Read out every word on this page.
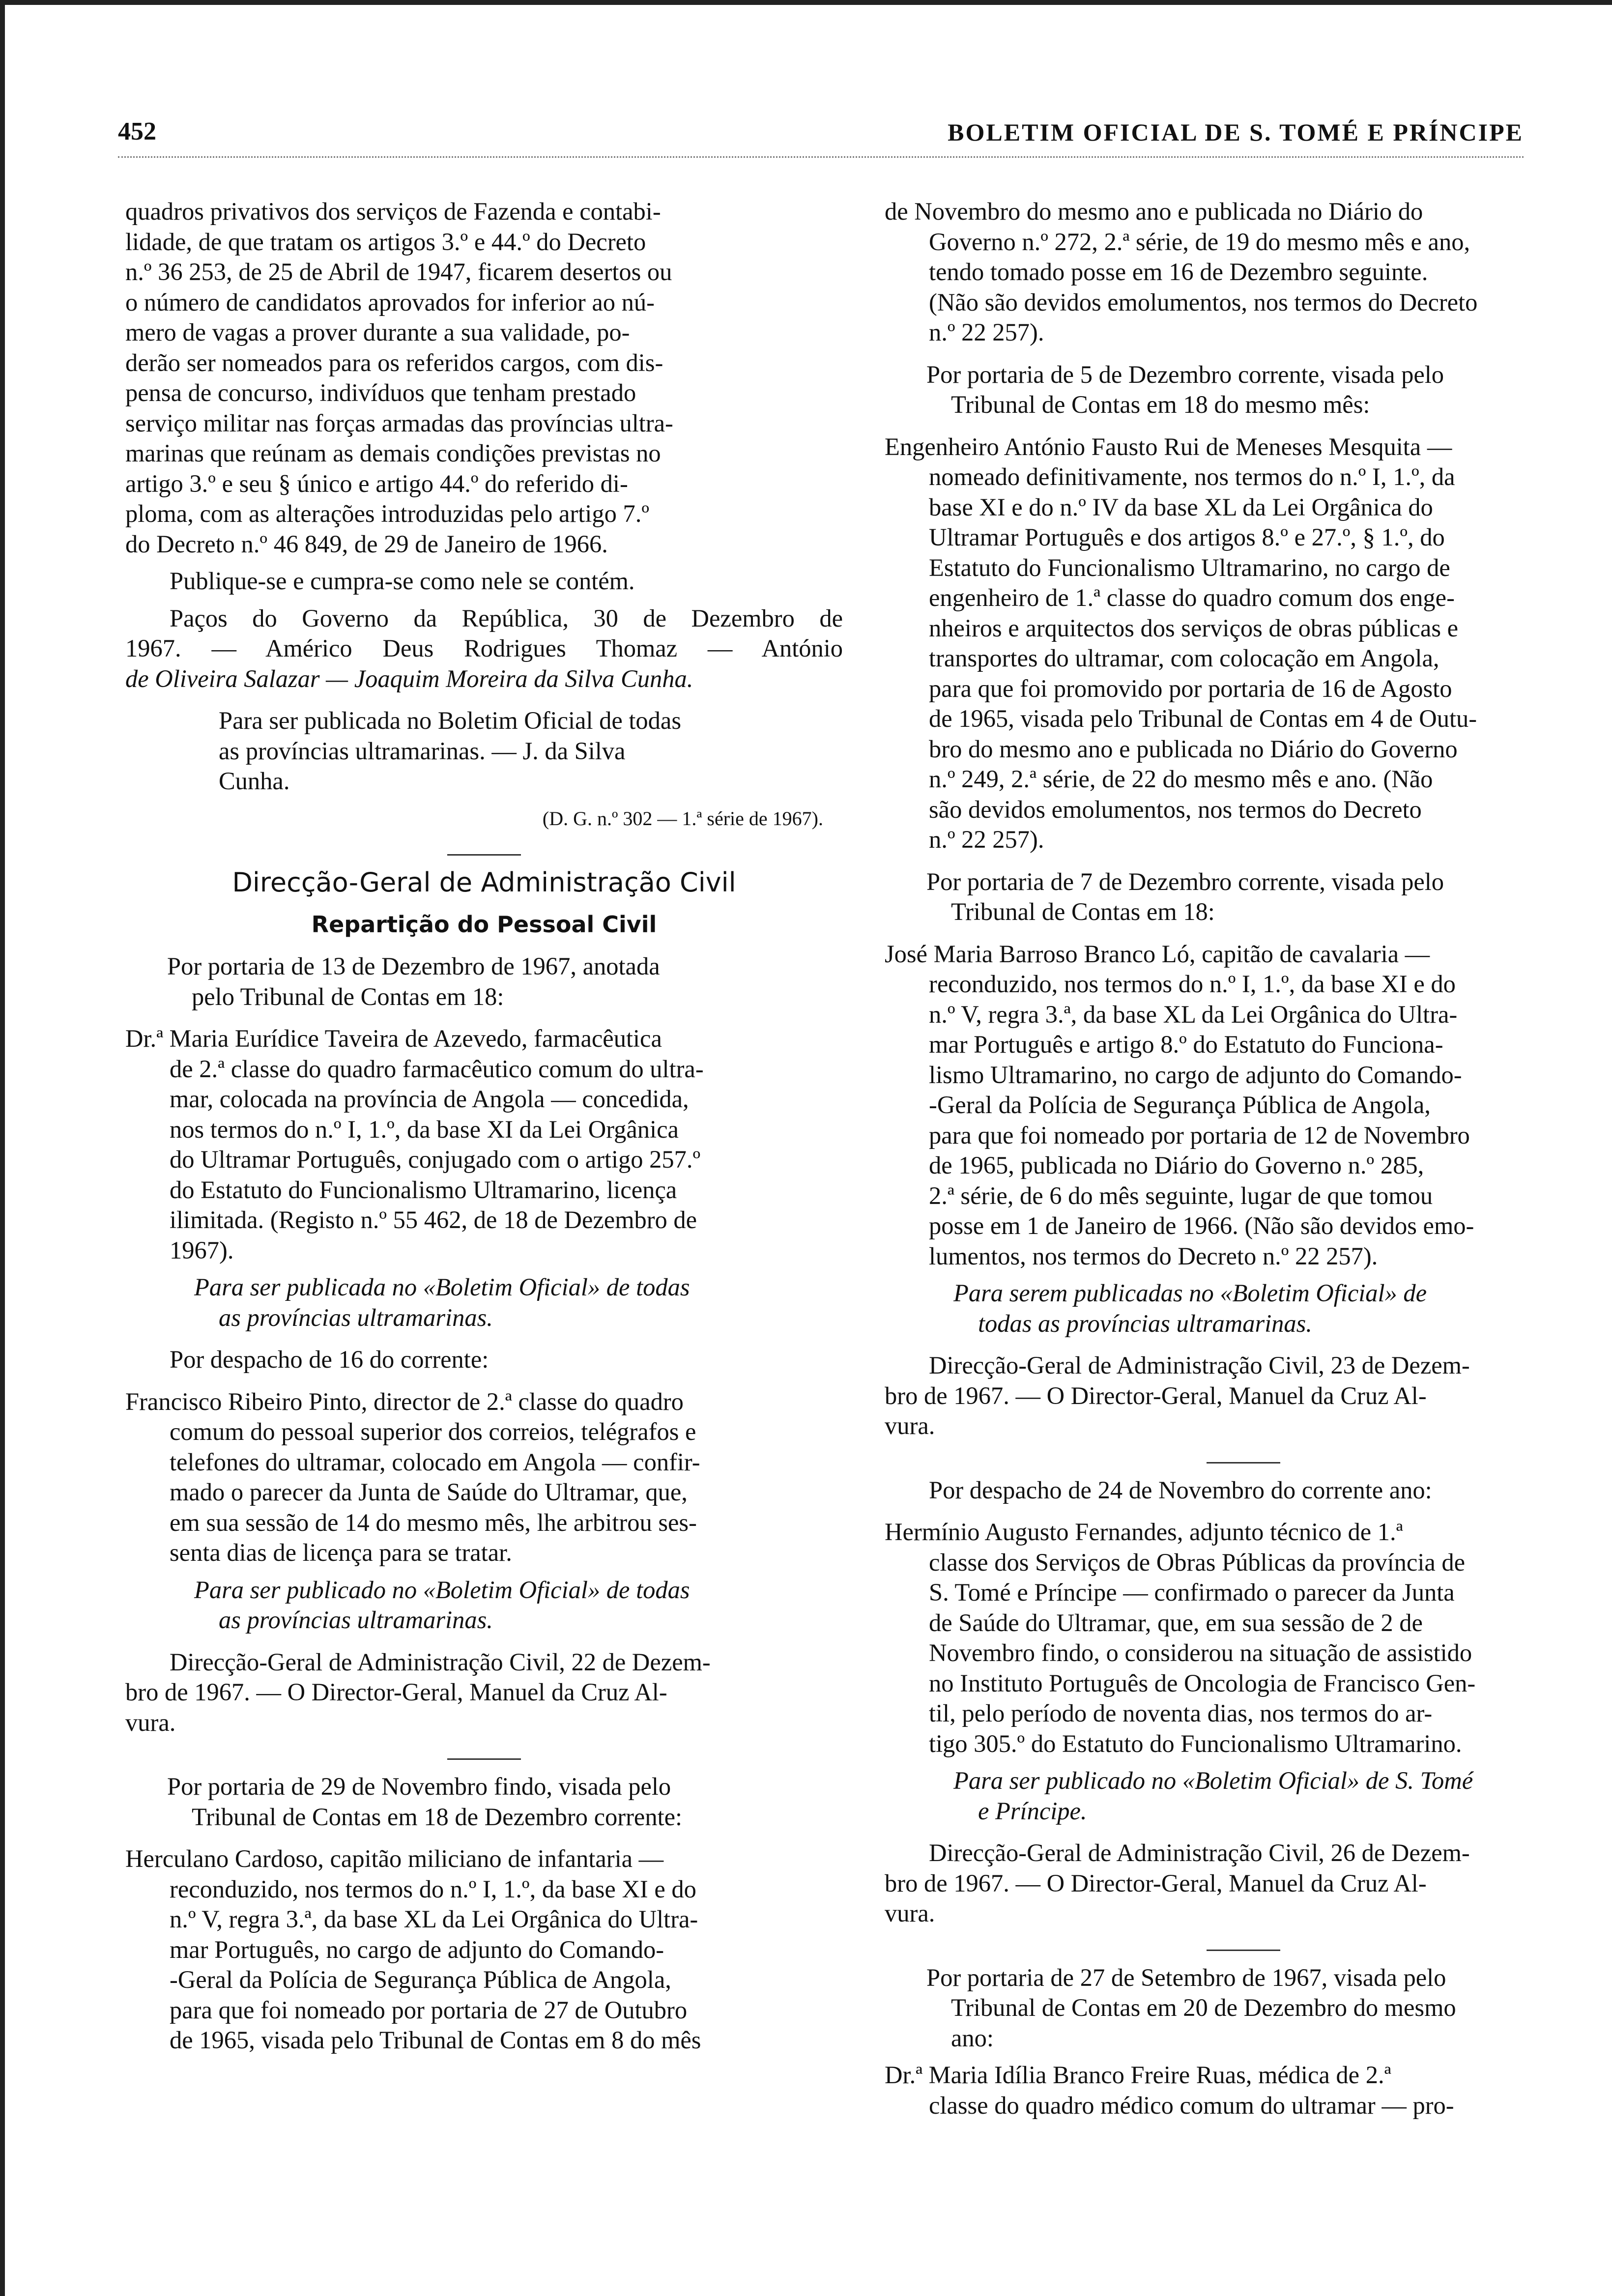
452	BOLETIM OFICIAL DE S. TOMÉ E PRÍNCIPE

quadros privativos dos serviços de Fazenda e contabi-
lidade, de que tratam os artigos 3.º e 44.º do Decreto
n.º 36 253, de 25 de Abril de 1947, ficarem desertos ou
o número de candidatos aprovados for inferior ao nú-
mero de vagas a prover durante a sua validade, po-
derão ser nomeados para os referidos cargos, com dis-
pensa de concurso, indivíduos que tenham prestado
serviço militar nas forças armadas das províncias ultra-
marinas que reúnam as demais condições previstas no
artigo 3.º e seu § único e artigo 44.º do referido di-
ploma, com as alterações introduzidas pelo artigo 7.º
do Decreto n.º 46 849, de 29 de Janeiro de 1966.

Publique-se e cumpra-se como nele se contém.

Paços do Governo da República, 30 de Dezembro de

1967. — Américo Deus Rodrigues Thomaz — António

de Oliveira Salazar — Joaquim Moreira da Silva Cunha.

Para ser publicada no Boletim Oficial de todas
as províncias ultramarinas. — J. da Silva
Cunha.

(D. G. n.º 302 — 1.ª série de 1967).

Direcção-Geral de Administração Civil

Repartição do Pessoal Civil

Por portaria de 13 de Dezembro de 1967, anotada
pelo Tribunal de Contas em 18:

Dr.ª Maria Eurídice Taveira de Azevedo, farmacêutica
de 2.ª classe do quadro farmacêutico comum do ultra-
mar, colocada na província de Angola — concedida,
nos termos do n.º I, 1.º, da base XI da Lei Orgânica
do Ultramar Português, conjugado com o artigo 257.º
do Estatuto do Funcionalismo Ultramarino, licença
ilimitada. (Registo n.º 55 462, de 18 de Dezembro de
1967).

Para ser publicada no «Boletim Oficial» de todas
as províncias ultramarinas.

Por despacho de 16 do corrente:

Francisco Ribeiro Pinto, director de 2.ª classe do quadro
comum do pessoal superior dos correios, telégrafos e
telefones do ultramar, colocado em Angola — confir-
mado o parecer da Junta de Saúde do Ultramar, que,
em sua sessão de 14 do mesmo mês, lhe arbitrou ses-
senta dias de licença para se tratar.

Para ser publicado no «Boletim Oficial» de todas
as províncias ultramarinas.

Direcção-Geral de Administração Civil, 22 de Dezem-
bro de 1967. — O Director-Geral, Manuel da Cruz Al-
vura.

Por portaria de 29 de Novembro findo, visada pelo
Tribunal de Contas em 18 de Dezembro corrente:

Herculano Cardoso, capitão miliciano de infantaria —
reconduzido, nos termos do n.º I, 1.º, da base XI e do
n.º V, regra 3.ª, da base XL da Lei Orgânica do Ultra-
mar Português, no cargo de adjunto do Comando-
-Geral da Polícia de Segurança Pública de Angola,
para que foi nomeado por portaria de 27 de Outubro
de 1965, visada pelo Tribunal de Contas em 8 do mês

de Novembro do mesmo ano e publicada no Diário do
Governo n.º 272, 2.ª série, de 19 do mesmo mês e ano,
tendo tomado posse em 16 de Dezembro seguinte.
(Não são devidos emolumentos, nos termos do Decreto
n.º 22 257).

Por portaria de 5 de Dezembro corrente, visada pelo
Tribunal de Contas em 18 do mesmo mês:

Engenheiro António Fausto Rui de Meneses Mesquita —
nomeado definitivamente, nos termos do n.º I, 1.º, da
base XI e do n.º IV da base XL da Lei Orgânica do
Ultramar Português e dos artigos 8.º e 27.º, § 1.º, do
Estatuto do Funcionalismo Ultramarino, no cargo de
engenheiro de 1.ª classe do quadro comum dos enge-
nheiros e arquitectos dos serviços de obras públicas e
transportes do ultramar, com colocação em Angola,
para que foi promovido por portaria de 16 de Agosto
de 1965, visada pelo Tribunal de Contas em 4 de Outu-
bro do mesmo ano e publicada no Diário do Governo
n.º 249, 2.ª série, de 22 do mesmo mês e ano. (Não
são devidos emolumentos, nos termos do Decreto
n.º 22 257).

Por portaria de 7 de Dezembro corrente, visada pelo
Tribunal de Contas em 18:

José Maria Barroso Branco Ló, capitão de cavalaria —
reconduzido, nos termos do n.º I, 1.º, da base XI e do
n.º V, regra 3.ª, da base XL da Lei Orgânica do Ultra-
mar Português e artigo 8.º do Estatuto do Funciona-
lismo Ultramarino, no cargo de adjunto do Comando-
-Geral da Polícia de Segurança Pública de Angola,
para que foi nomeado por portaria de 12 de Novembro
de 1965, publicada no Diário do Governo n.º 285,
2.ª série, de 6 do mês seguinte, lugar de que tomou
posse em 1 de Janeiro de 1966. (Não são devidos emo-
lumentos, nos termos do Decreto n.º 22 257).

Para serem publicadas no «Boletim Oficial» de
todas as províncias ultramarinas.

Direcção-Geral de Administração Civil, 23 de Dezem-
bro de 1967. — O Director-Geral, Manuel da Cruz Al-
vura.

Por despacho de 24 de Novembro do corrente ano:

Hermínio Augusto Fernandes, adjunto técnico de 1.ª
classe dos Serviços de Obras Públicas da província de
S. Tomé e Príncipe — confirmado o parecer da Junta
de Saúde do Ultramar, que, em sua sessão de 2 de
Novembro findo, o considerou na situação de assistido
no Instituto Português de Oncologia de Francisco Gen-
til, pelo período de noventa dias, nos termos do ar-
tigo 305.º do Estatuto do Funcionalismo Ultramarino.

Para ser publicado no «Boletim Oficial» de S. Tomé
e Príncipe.

Direcção-Geral de Administração Civil, 26 de Dezem-
bro de 1967. — O Director-Geral, Manuel da Cruz Al-
vura.

Por portaria de 27 de Setembro de 1967, visada pelo
Tribunal de Contas em 20 de Dezembro do mesmo
ano:

Dr.ª Maria Idília Branco Freire Ruas, médica de 2.ª
classe do quadro médico comum do ultramar — pro-
